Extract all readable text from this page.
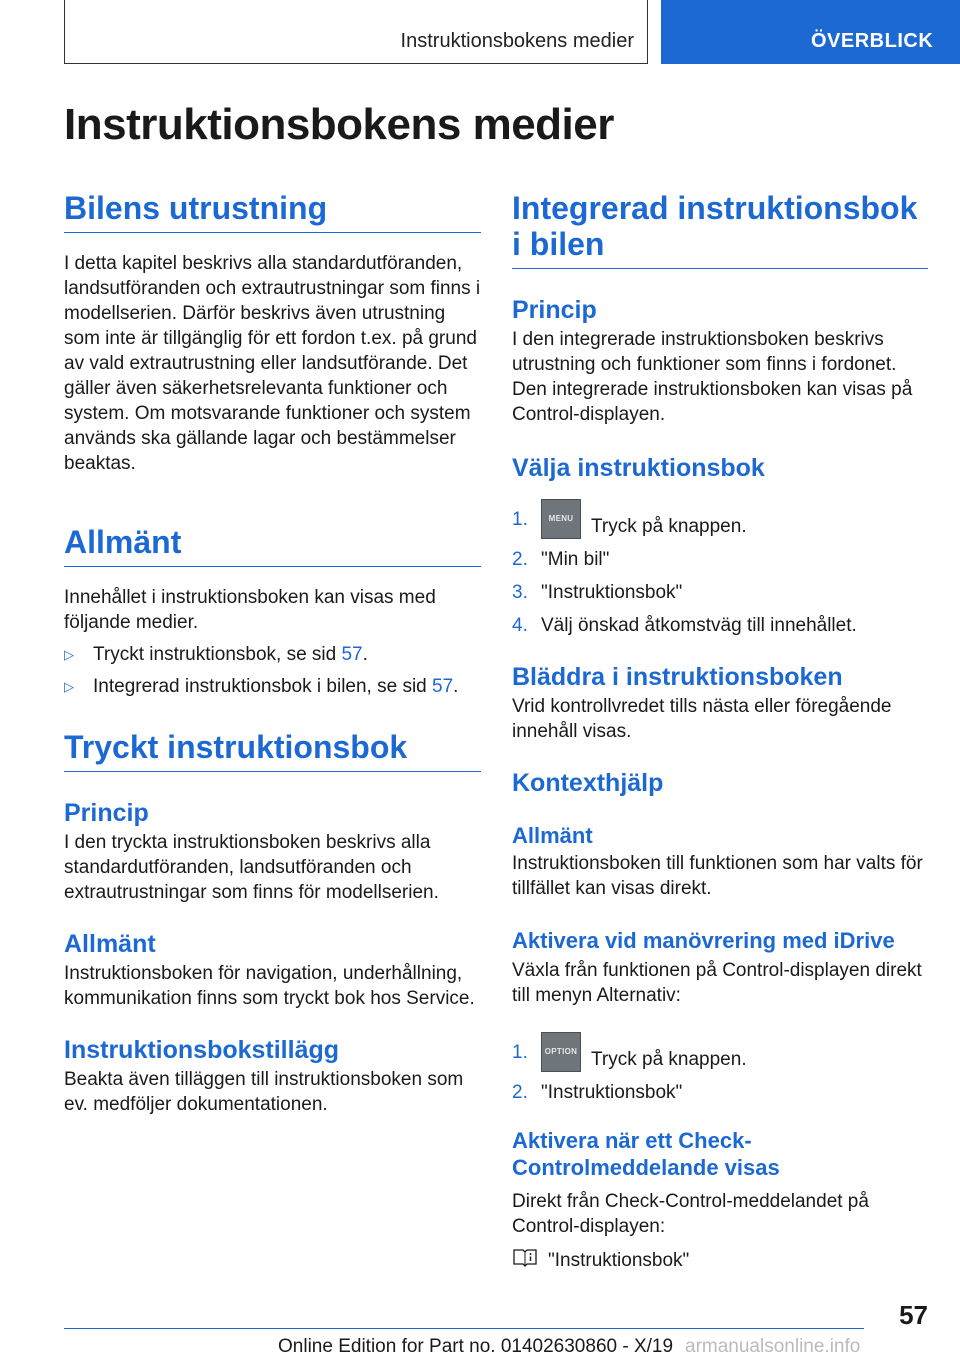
Instruktionsbokens medier	ÖVERBLICK
Instruktionsbokens medier
Bilens utrustning

I detta kapitel beskrivs alla standardutföranden, landsutföranden och extrautrustningar som finns i modellserien. Därför beskrivs även utrustning som inte är tillgänglig för ett fordon t.ex. på grund av vald extrautrustning eller landsutförande. Det gäller även säkerhetsrelevanta funktioner och system. Om motsvarande funktioner och system används ska gällande lagar och bestämmelser beaktas.

Allmänt

Innehållet i instruktionsboken kan visas med följande medier.

▷	Tryckt instruktionsbok, se sid 57.
▷	Integrerad instruktionsbok i bilen, se sid 57.
Tryckt instruktionsbok
Princip

I den tryckta instruktionsboken beskrivs alla standardutföranden, landsutföranden och extrautrustningar som finns för modellserien.

Allmänt

Instruktionsboken för navigation, underhållning, kommunikation finns som tryckt bok hos Service.

Instruktionsbokstillägg

Beakta även tilläggen till instruktionsboken som ev. medföljer dokumentationen.

Integrerad instruktionsbok i bilen
Princip

I den integrerade instruktionsboken beskrivs utrustning och funktioner som finns i fordonet. Den integrerade instruktionsboken kan visas på Control-displayen.

Välja instruktionsbok
1.	MENU Tryck på knappen.
2. "Min bil"
3. "Instruktionsbok"
4. Välj önskad åtkomstväg till innehållet.
Bläddra i instruktionsboken

Vrid kontrollvredet tills nästa eller föregående innehåll visas.

Kontexthjälp
Allmänt

Instruktionsboken till funktionen som har valts för tillfället kan visas direkt.

Aktivera vid manövrering med iDrive

Växla från funktionen på Control-displayen direkt till menyn Alternativ:

1.	OPTION Tryck på knappen.
2. "Instruktionsbok"
Aktivera när ett Check-Controlmeddelande visas

Direkt från Check-Control-meddelandet på Control-displayen:

"Instruktionsbok"
57
Online Edition for Part no. 01402630860 - X/19 armanualsonline.info
